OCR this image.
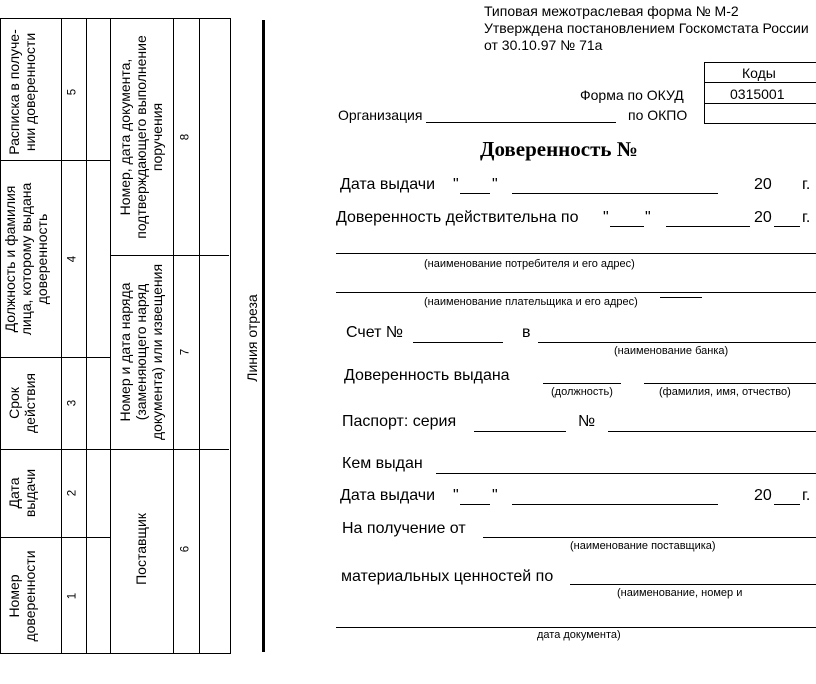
Расписка в получе-
нии доверенности 5
Должность и фамилия
лица, которому выдана
доверенность 4
Срок
действия 3
Дата
выдачи 2
Номер
доверенности 1
Номер, дата документа,
подтверждающего выполнение
поручения 8
Номер и дата наряда
(заменяющего наряд
документа) или извещения 7
Поставщик	6
Линия отреза
Типовая межотраслевая форма № М-2
Утверждена постановлением Госкомстата России
от 30.10.97 № 71а
Коды
0315001
Форма по ОКУД
Организация	по ОКПО
Доверенность №
Дата выдачи " "	20 г.
Доверенность действительна по " "	20 г.
(наименование потребителя и его адрес)
(наименование плательщика и его адрес)
Счет №	в
(наименование банка)
Доверенность выдана
(должность)	(фамилия, имя, отчество)
Паспорт: серия	№
Кем выдан
Дата выдачи " "	20 г.
На получение от
(наименование поставщика)
материальных ценностей по
(наименование, номер и
дата документа)
